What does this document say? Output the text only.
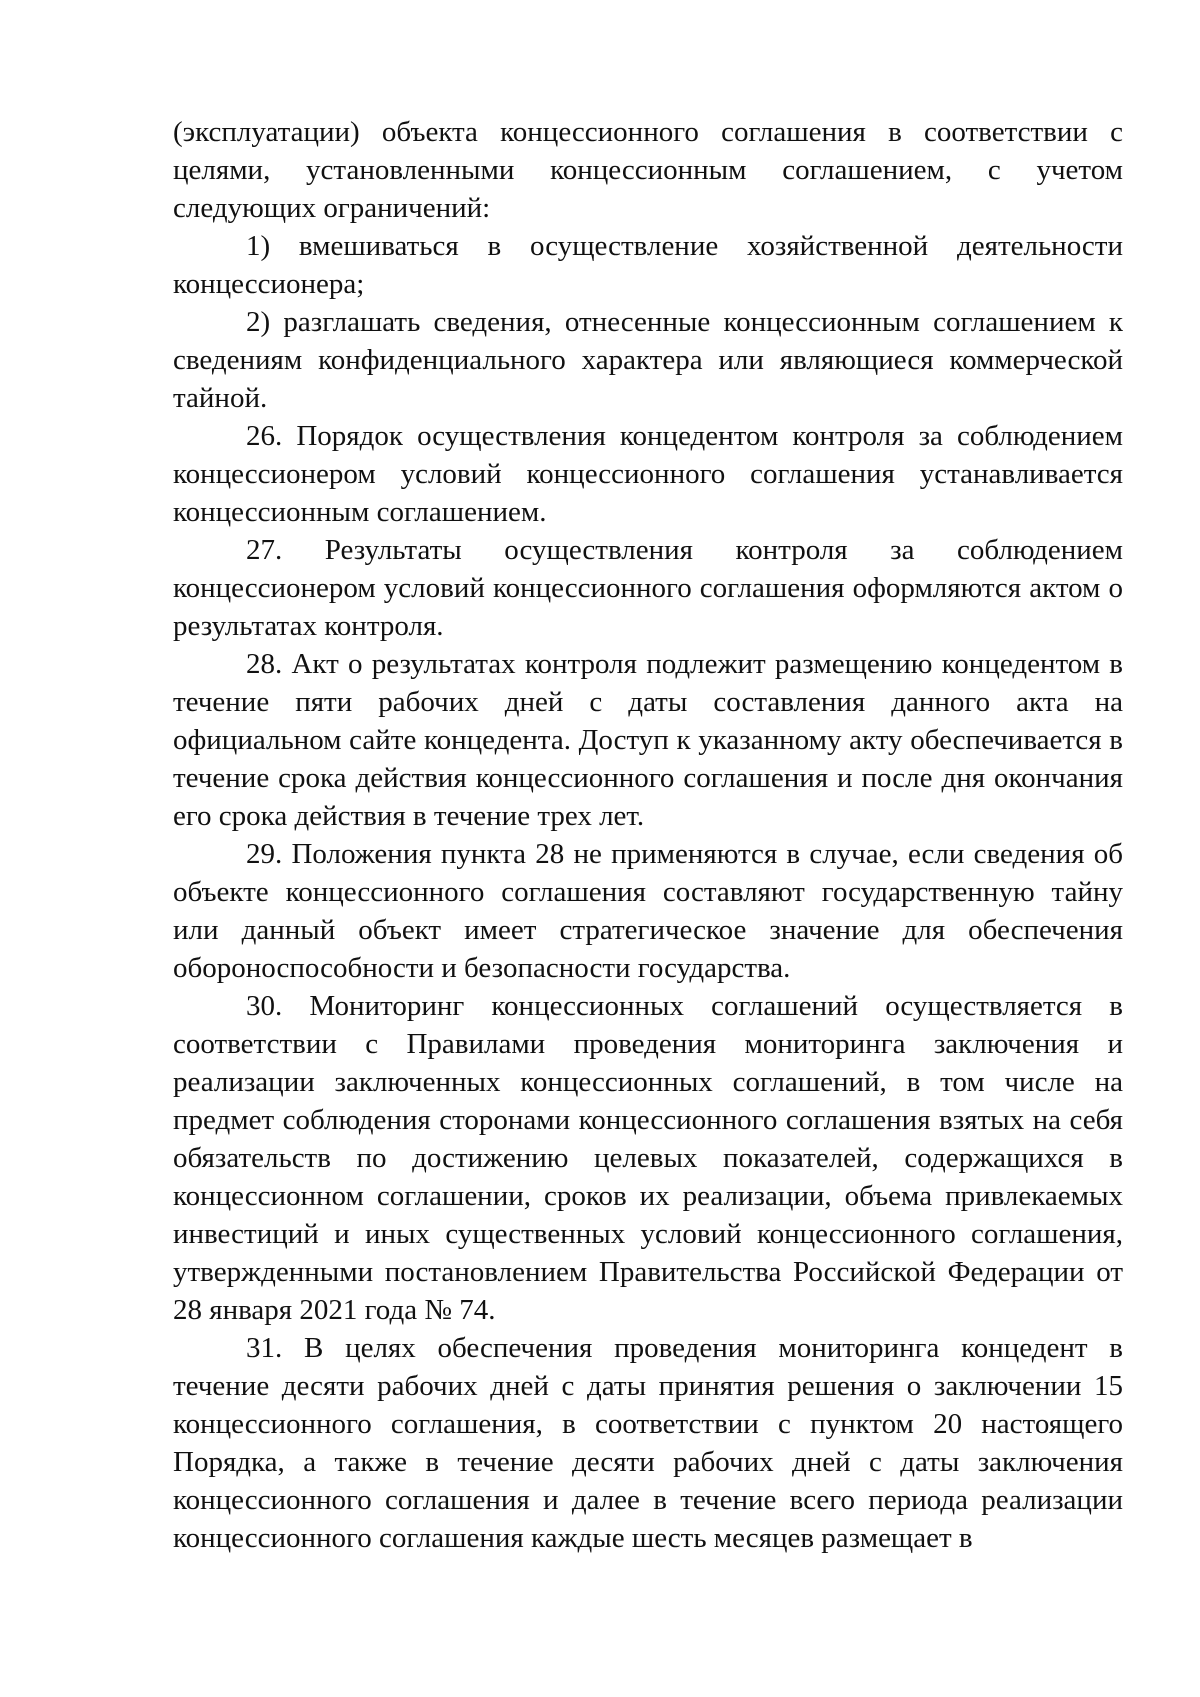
(эксплуатации) объекта концессионного соглашения в соответствии с целями, установленными концессионным соглашением, с учетом следующих ограничений:

1) вмешиваться в осуществление хозяйственной деятельности концессионера;

2) разглашать сведения, отнесенные концессионным соглашением к сведениям конфиденциального характера или являющиеся коммерческой тайной.

26. Порядок осуществления концедентом контроля за соблюдением концессионером условий концессионного соглашения устанавливается концессионным соглашением.

27. Результаты осуществления контроля за соблюдением концессионером условий концессионного соглашения оформляются актом о результатах контроля.

28. Акт о результатах контроля подлежит размещению концедентом в течение пяти рабочих дней с даты составления данного акта на официальном сайте концедента. Доступ к указанному акту обеспечивается в течение срока действия концессионного соглашения и после дня окончания его срока действия в течение трех лет.

29. Положения пункта 28 не применяются в случае, если сведения об объекте концессионного соглашения составляют государственную тайну или данный объект имеет стратегическое значение для обеспечения обороноспособности и безопасности государства.

30. Мониторинг концессионных соглашений осуществляется в соответствии с Правилами проведения мониторинга заключения и реализации заключенных концессионных соглашений, в том числе на предмет соблюдения сторонами концессионного соглашения взятых на себя обязательств по достижению целевых показателей, содержащихся в концессионном соглашении, сроков их реализации, объема привлекаемых инвестиций и иных существенных условий концессионного соглашения, утвержденными постановлением Правительства Российской Федерации от 28 января 2021 года № 74.

31. В целях обеспечения проведения мониторинга концедент в течение десяти рабочих дней с даты принятия решения о заключении 15 концессионного соглашения, в соответствии с пунктом 20 настоящего Порядка, а также в течение десяти рабочих дней с даты заключения концессионного соглашения и далее в течение всего периода реализации концессионного соглашения каждые шесть месяцев размещает в
